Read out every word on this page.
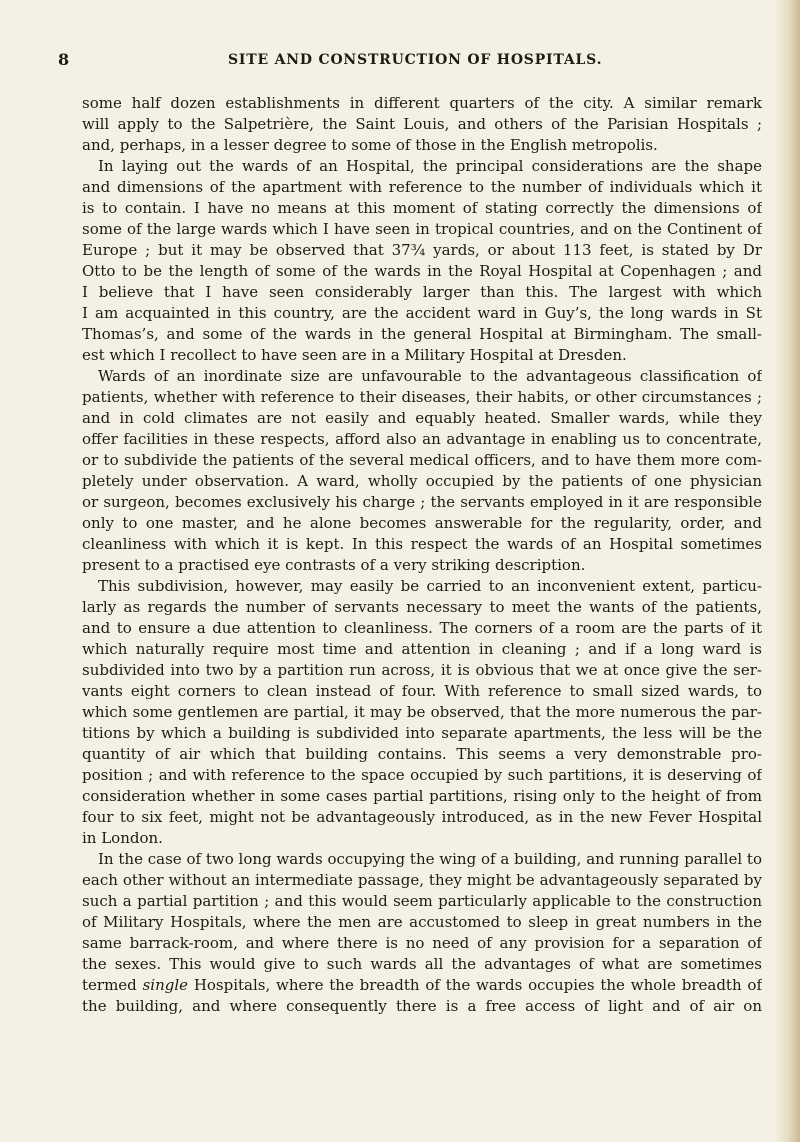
8	SITE AND CONSTRUCTION OF HOSPITALS.
some half dozen establishments in different quarters of the city. A similar remark
will apply to the Salpetrière, the Saint Louis, and others of the Parisian Hospitals ;
and, perhaps, in a lesser degree to some of those in the English metropolis.
In laying out the wards of an Hospital, the principal considerations are the shape
and dimensions of the apartment with reference to the number of individuals which it
is to contain. I have no means at this moment of stating correctly the dimensions of
some of the large wards which I have seen in tropical countries, and on the Continent of
Europe ; but it may be observed that 37¾ yards, or about 113 feet, is stated by Dr
Otto to be the length of some of the wards in the Royal Hospital at Copenhagen ; and
I believe that I have seen considerably larger than this. The largest with which
I am acquainted in this country, are the accident ward in Guy’s, the long wards in St
Thomas’s, and some of the wards in the general Hospital at Birmingham. The small-
est which I recollect to have seen are in a Military Hospital at Dresden.
Wards of an inordinate size are unfavourable to the advantageous classification of
patients, whether with reference to their diseases, their habits, or other circumstances ;
and in cold climates are not easily and equably heated. Smaller wards, while they
offer facilities in these respects, afford also an advantage in enabling us to concentrate,
or to subdivide the patients of the several medical officers, and to have them more com-
pletely under observation. A ward, wholly occupied by the patients of one physician
or surgeon, becomes exclusively his charge ; the servants employed in it are responsible
only to one master, and he alone becomes answerable for the regularity, order, and
cleanliness with which it is kept. In this respect the wards of an Hospital sometimes
present to a practised eye contrasts of a very striking description.
This subdivision, however, may easily be carried to an inconvenient extent, particu-
larly as regards the number of servants necessary to meet the wants of the patients,
and to ensure a due attention to cleanliness. The corners of a room are the parts of it
which naturally require most time and attention in cleaning ; and if a long ward is
subdivided into two by a partition run across, it is obvious that we at once give the ser-
vants eight corners to clean instead of four. With reference to small sized wards, to
which some gentlemen are partial, it may be observed, that the more numerous the par-
titions by which a building is subdivided into separate apartments, the less will be the
quantity of air which that building contains. This seems a very demonstrable pro-
position ; and with reference to the space occupied by such partitions, it is deserving of
consideration whether in some cases partial partitions, rising only to the height of from
four to six feet, might not be advantageously introduced, as in the new Fever Hospital
in London.
In the case of two long wards occupying the wing of a building, and running parallel to
each other without an intermediate passage, they might be advantageously separated by
such a partial partition ; and this would seem particularly applicable to the construction
of Military Hospitals, where the men are accustomed to sleep in great numbers in the
same barrack-room, and where there is no need of any provision for a separation of
the sexes. This would give to such wards all the advantages of what are sometimes
termed single Hospitals, where the breadth of the wards occupies the whole breadth of
the building, and where consequently there is a free access of light and of air on
